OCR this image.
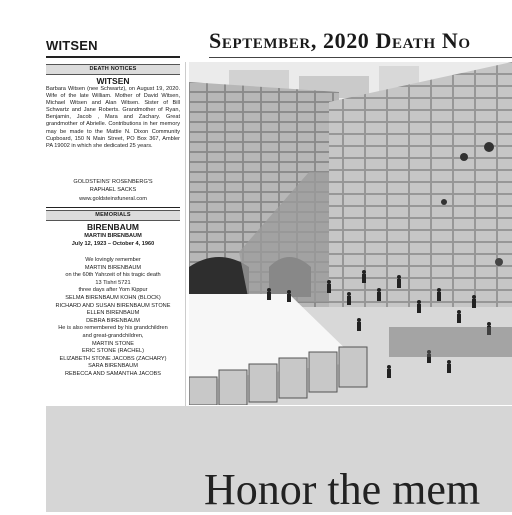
WITSEN
DEATH NOTICES
WITSEN

Barbara Witsen (nee Schwartz), on August 19, 2020. Wife of the late William. Mother of David Witsen, Michael Witsen and Alan Witsen. Sister of Bill Schwartz and Jane Roberts. Grandmother of Ryan, Benjamin, Jacob , Mara and Zachary. Great grandmother of Abrielle. Contributions in her memory may be made to the Mattie N. Dixon Community Cupboard, 150 N Main Street, PO Box 367, Ambler PA 19002 in which she dedicated 25 years.

GOLDSTEINS' ROSENBERG'S
RAPHAEL SACKS
www.goldsteinsfuneral.com
MEMORIALS
BIRENBAUM
MARTIN BIRENBAUM
July 12, 1923 – October 4, 1960
We lovingly remember
MARTIN BIRENBAUM
on the 60th Yahrzeit of his tragic death
13 Tishri 5721
three days after Yom Kippur
SELMA BIRENBAUM KOHN (BLOCK)
RICHARD AND SUSAN BIRENBAUM STONE
ELLEN BIRENBAUM
DEBRA BIRENBAUM
He is also remembered by his grandchildren
and great-grandchildren,
MARTIN STONE
ERIC STONE (RACHEL)
ELIZABETH STONE JACOBS (ZACHARY)
SARA BIRENBAUM
REBECCA AND SAMANTHA JACOBS
September, 2020 Death No
Honor the mem
